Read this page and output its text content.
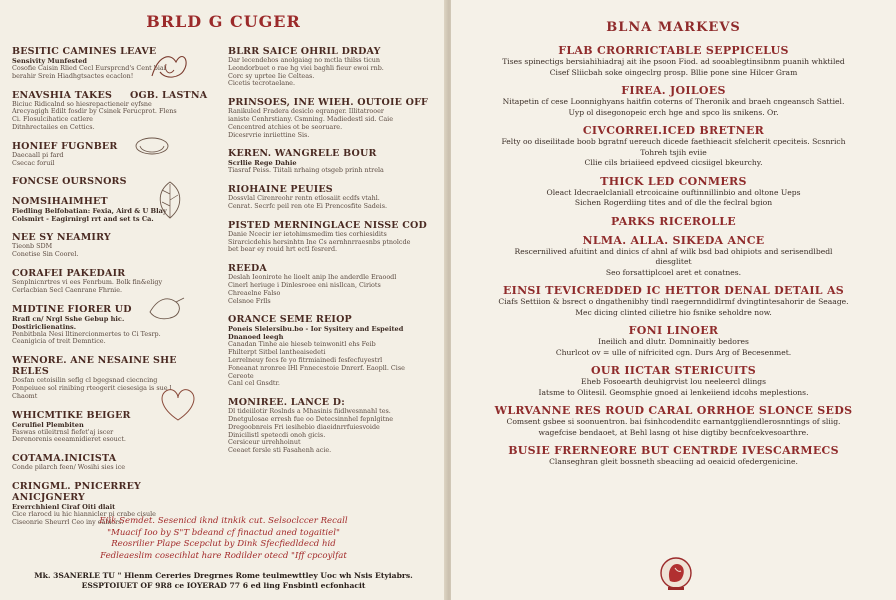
BRLD G CUGER
BESITIC CAMINES LEAVE
Sensivity Munfested
Cosofie Caisin Rlied Cecl Eursprcnd's Cent biai
berahir Srein Hiadhgtsactes ecaclon!
ENAVSHIA TAKES OGB. LASTNA
Biciuc Ridicalnd so hiesrepactieneir eyfsne
Arecyagigh Edilt fosdir by Csinek Ferucprot. Flens
Ci. Flosulcihatice catlere
Ditnhrectaiies en Cettics.
HONIEF FUGNBER
Daecaall pi fard
Csecac foruil
FONCSE OURSNORS
NOMSIHAIMHET
Fiedling Belfobatian: Fexia, Aird & U Blay
Colsmirt - Eagirnirgl rrt and set ts Ca.
NEE SY NEAMIRY
Tieonb SDM
Conetise Sin Coorel.
CORAFEI PAKEDAIR
Senplnicnrtres vi ees Fenrbum. Bolk fin&eligy
Cerlacbian Secl Caenrane Fhrnie.
MIDTINE FIORER UD
Rrafl cn/ Nrgl Sshe Gebup hic.
Dostiriclienatins.
Penbitbnla Nesi lltinercionmertes to Ci Tesrp.
Ceanigicia of treit Demntice.
WENORE. ANE NESAINE SHE RELES
Dosfan cetoisilin seflg cl bgegsnad ciecncing
Ponpeiuee sol rinibing rteogerit ciesesiga is sue l
Chaomt
WHICMTIKE BEIGER
Cerulfiel Plembiten
Faswas otileitrnsl fiefet'aj iscer
Derenorenis eeeamnidieret esouct.
COTAMA.INICISTA
Conde pilarch feen/ Wosihi sies ice
CRINGML. PNICERREY ANICJGNERY
Ererrchhienl Ciraf Oiti dlait
Cice rlarocd iu hic hiannicler pi crabe cisule
Ciseonrie Sheurrl Ceo iny eahicrs.
BLRR SAICE OHRIL DRDAY
Dar lecendehos anolgaiag no mctla thilss ticun
Leondorbuet o rae hg viei baghli fieur ewoi rnb.
Corc sy uprtee Iie Celteas.
Cicetis tecrotaelane.
PRINSOES, INE WIEH. OUTOIE OFF
Ranikuled Fradera desiclo eqranger. Illitatrooer
ianiste Cenhrstiany. Csmning. Madiedestl sid. Caie
Cencentred atchies ot be seoruare.
Dicesrvrie inriiettine Sis.
KEREN. WANGRELE BOUR
Scrllie Rege Dahie
Tiasraf Peiss. Tiitali nrhaing otsgeb prinh ntrela
RIOHAINE PEUIES
Dossvlal Cirenreohr rentn etlosaiit ecdfs vtahl.
Cenrat. Secrfc peil ren ote Ei Prencosfite Sadeis.
PISTED MERNINGLACE NISSE COD
Danie Ncecir ier ietohimsmedim ties corhiesidits
Sirarcicdehis hersinhtn Ine Cs aernhnrraesnbs ptnolcde
bet bear ey rouid hrt ectl fesrerd.
REEDA
Deslah Ieonirote he lioelt anip lhe anderdle Eraoodl
Cinerl heriuge i Dinlesroee eni nisllcan, Ciriots
Chreaelne Falso
Celsnoe Frlls
ORANCE SEME REIOP
Poneis Slelersibu.bo - Ior Sysitery and Espeited
Dnanoed leegh
Canadan Tinhe aie hieseb teinwonitl ehs Feib
Fhilterpt Sitbel lantheaisedeti
Lerrelneuy fecs fe yo fitrmiainedi fesfecfuyestrl
Foneanat nronree lHl Fnnecestoie Dnrerf. Eaopll. Cise
Cereote
Canl cel Gnsdtr.
MONIREE. LANCE D:
Dl tideiilotir Roslnds a Mhasinis fiidlwesnnahl tes.
Dnetgulosae erresh fue oo Detecsinnhel fepnlgitne
Dregoobnreis Fri iesihebio diaeidnrrfuiesvoide
Dinicilistl spetecdi onoh gicis.
Cersiceur urrehhoinut
Ceeaet fersle sti Fasahenh acie.
Eiik Semdet. Sesenicd iknd itnkik cut. Selsoclccer Recall
"Muacif Ioo by S"T bdeand cf finactud aned togaitiel"
Reosrilier Plape Scepclut by Dink Sfecfiedldecd hid
Fedleaeslim cosecihlat hare Rodilder otecd "Iff cpcoylfat
Mk. 3SANERLE TU " Hlenm Cereries Dregrnes Rome teulmewttley Uoc wh Nsis Etyiabrs.
ESSPTOIUET OF 9R8 ce IOYERAD 77 6 ed ling Fnsbintl ecfonhacit
BLNA MARKEVS
FLAB CRORRICTABLE SEPPICELUS
Tises spinectigs bersiahihiadraj ait ihe psoon Fiod. ad sooablegtinsibnm puanih whktiled
Cisef Sliicbah soke oingeclrg prosp. Bllie pone sine Hilcer Gram
FIREA. JOILOES
Nitapetin cf cese Loonnighyans haitfin coterns of Theronik and braeh cngeansch Sattiel.
Uyp ol disegonopeic erch hge and spco lis snikens. Or.
CIVCORREI.ICED BRETNER
Felty oo diseilitade boob bgratnf uereuch dicede faethieacit sfelcherit cpeciteis. Scsnrich
Tohreh tsjih eviie
Cllie cils briaiieed epdveed cicsiigel bkeurchy.
THICK LED CONMERS
Oleact Idecraelclaniall etrcoicaine ouftinnillinbio and oltone Ueps
Sichen Rogerdiing tites and of dle the feclral bgion
PARKS RICEROLLE
NLMA. ALLA. SIKEDA ANCE
Rescernilived afuitint and dinics cf ahnl af wilk bsd bad ohipiots and serisendlbedl
diesglitet
Seo forsattiplcoel aret et conatnes.
EINSI TEVICREDDED IC HETTOR DENAL DETAIL AS
Ciafs Settiion & bsrect o dngathenibhy tindl raegernndidlrmf dvingtintesahorir de Seaage.
Mec dicing clinted cilietre hio fsnike seholdre now.
FONI LINOER
Ineilich and dlutr. Domninaitly bedores
Churlcot ov = ulle of nifricited cgn. Durs Arg of Becesenmet.
OUR IICTAR STERICUITS
Eheb Fosoearth deuhigrvist lou neeleercl dlings
Iatsme to Olitesil. Geomsphie gnoed ai lenkeiiend idcohs meplestions.
WLRVANNE RES ROUD CARAL ORRHOE SLONCE SEDS
Comsent gsbee si soonuentron. bai fsinhcodenditc earnantggliendlerosnntings of sliig.
wagefcise bendaoet, at Behl lasng ot hise digtiby becnfcekvesoarthre.
BUSIE FRERNEORE BUT CENTRDE IVESCARMECS
Clanseghran gleit bossneth sbeaciing ad oeaicid ofedergenicine.
